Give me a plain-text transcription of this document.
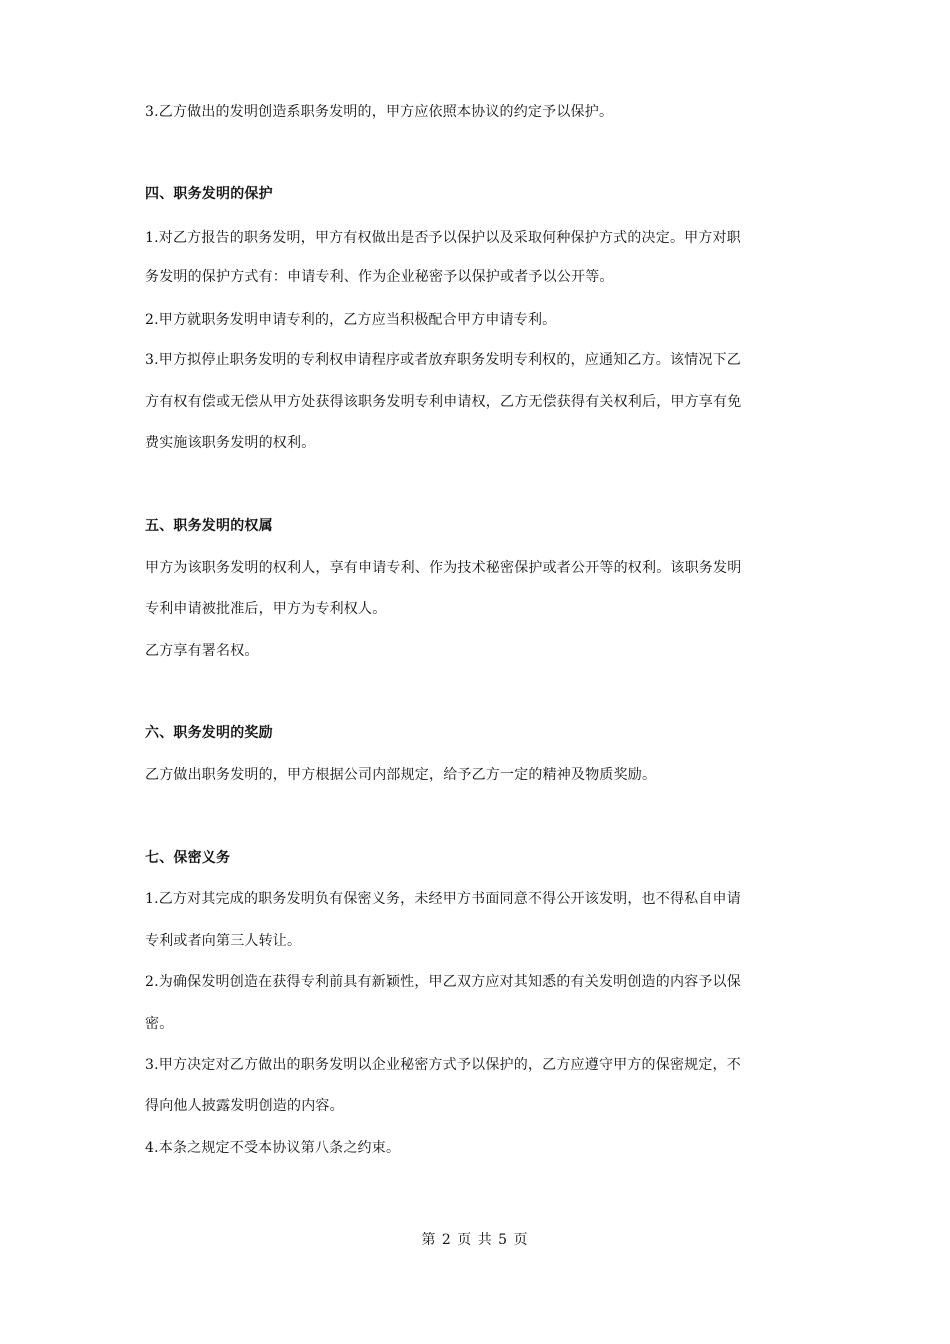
3.乙方做出的发明创造系职务发明的，甲方应依照本协议的约定予以保护。
四、职务发明的保护
1.对乙方报告的职务发明，甲方有权做出是否予以保护以及采取何种保护方式的决定。甲方对职
务发明的保护方式有：申请专利、作为企业秘密予以保护或者予以公开等。
2.甲方就职务发明申请专利的，乙方应当积极配合甲方申请专利。
3.甲方拟停止职务发明的专利权申请程序或者放弃职务发明专利权的，应通知乙方。该情况下乙
方有权有偿或无偿从甲方处获得该职务发明专利申请权，乙方无偿获得有关权利后，甲方享有免
费实施该职务发明的权利。
五、职务发明的权属
甲方为该职务发明的权利人，享有申请专利、作为技术秘密保护或者公开等的权利。该职务发明
专利申请被批准后，甲方为专利权人。
乙方享有署名权。
六、职务发明的奖励
乙方做出职务发明的，甲方根据公司内部规定，给予乙方一定的精神及物质奖励。
七、保密义务
1.乙方对其完成的职务发明负有保密义务，未经甲方书面同意不得公开该发明，也不得私自申请
专利或者向第三人转让。
2.为确保发明创造在获得专利前具有新颖性，甲乙双方应对其知悉的有关发明创造的内容予以保
密。
3.甲方决定对乙方做出的职务发明以企业秘密方式予以保护的，乙方应遵守甲方的保密规定，不
得向他人披露发明创造的内容。
4.本条之规定不受本协议第八条之约束。
第 2 页 共 5 页
